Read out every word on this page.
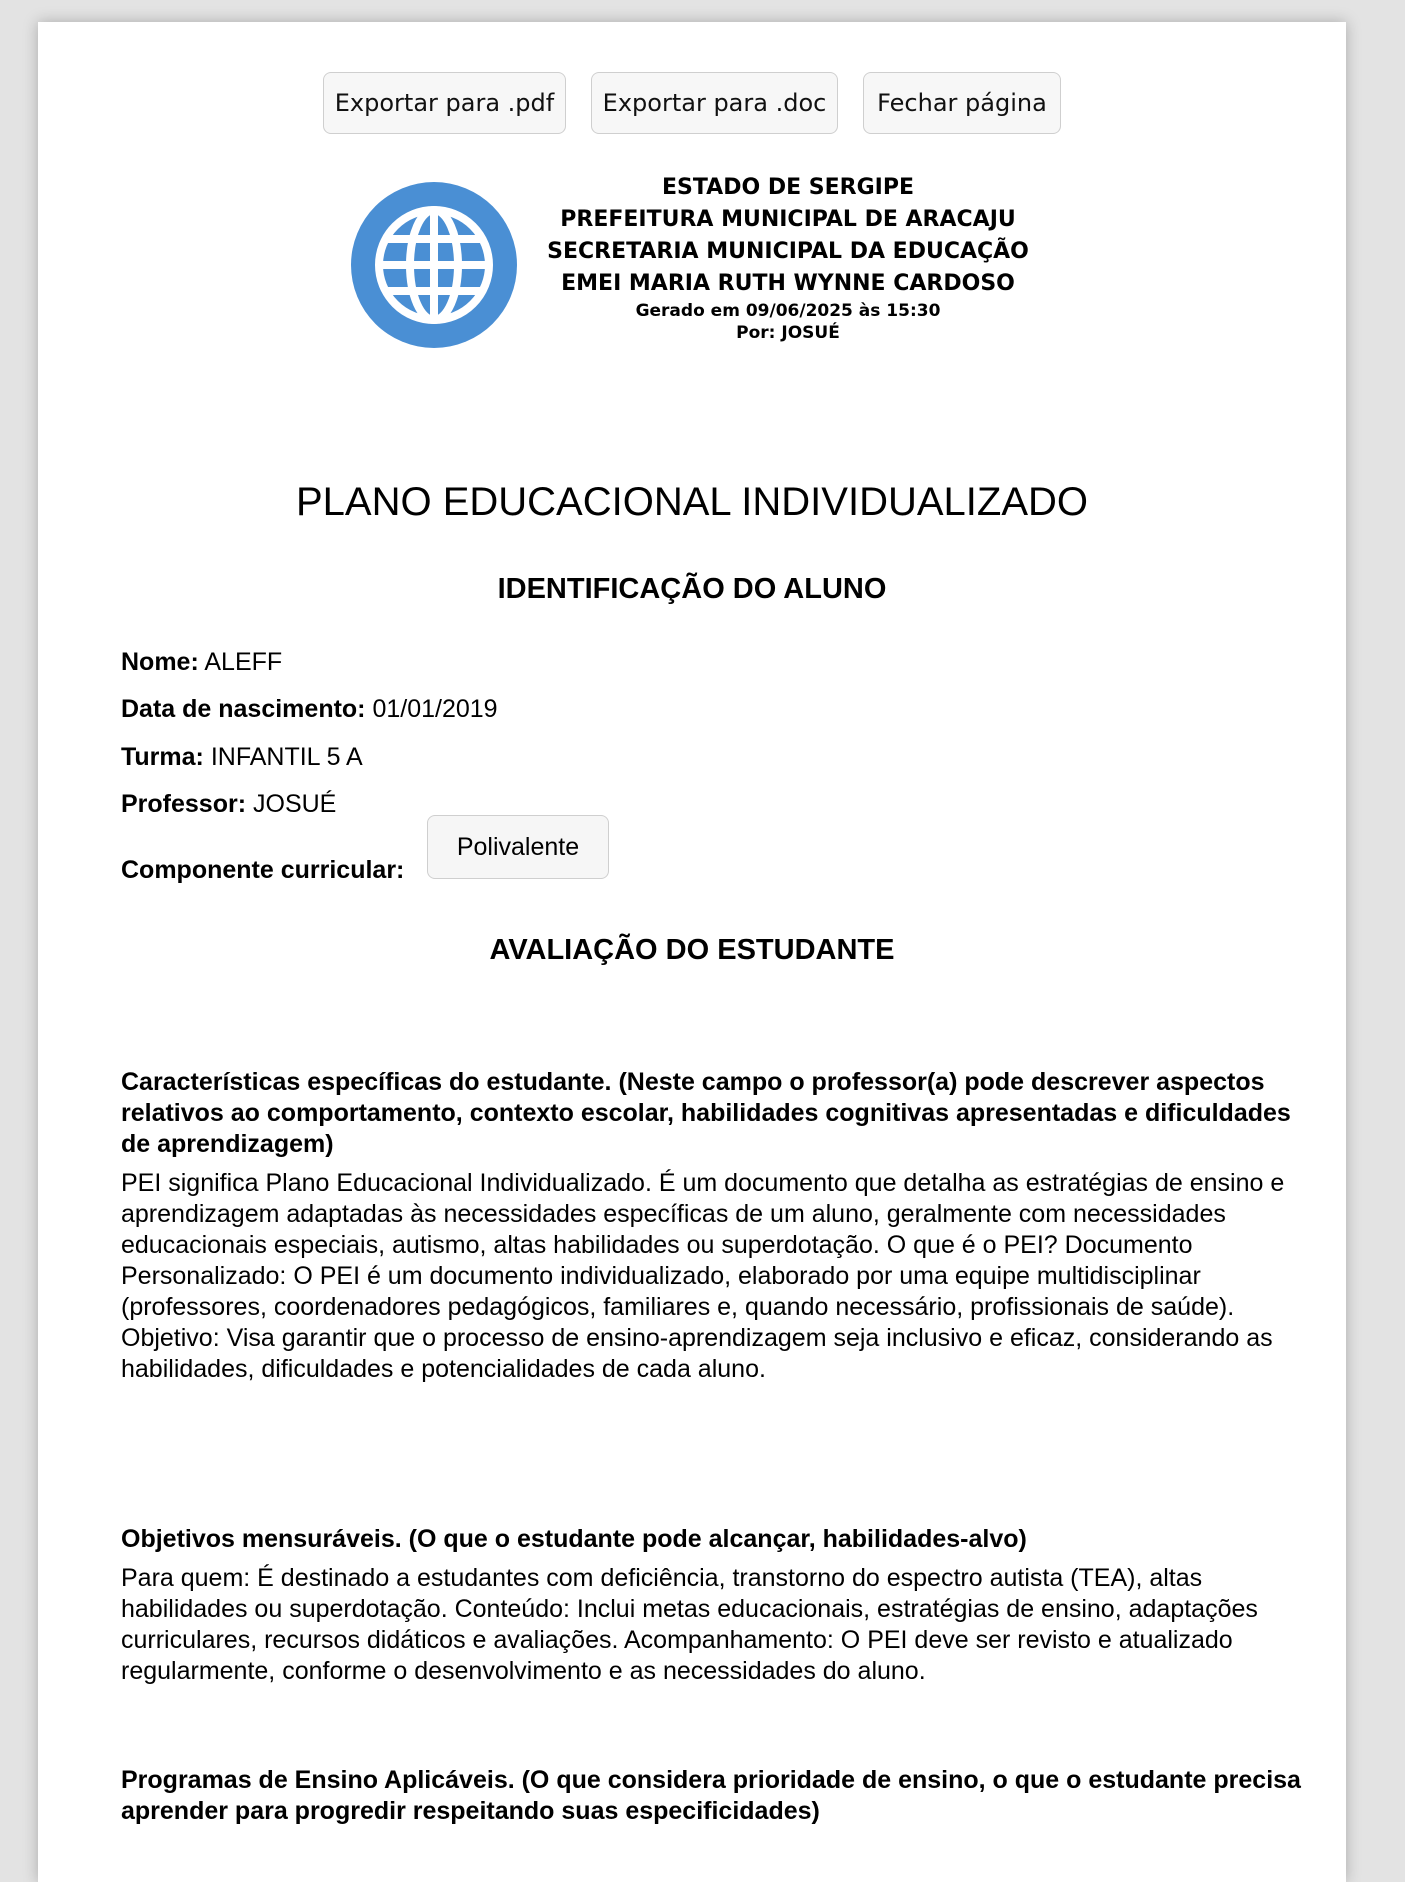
Exportar para .pdf	Exportar para .doc	Fechar página
ESTADO DE SERGIPE
PREFEITURA MUNICIPAL DE ARACAJU
SECRETARIA MUNICIPAL DA EDUCAÇÃO
EMEI MARIA RUTH WYNNE CARDOSO
Gerado em 09/06/2025 às 15:30
Por: JOSUÉ
PLANO EDUCACIONAL INDIVIDUALIZADO
IDENTIFICAÇÃO DO ALUNO
Nome: ALEFF
Data de nascimento: 01/01/2019
Turma: INFANTIL 5 A
Professor: JOSUÉ
Componente curricular:
Polivalente
AVALIAÇÃO DO ESTUDANTE

Características específicas do estudante. (Neste campo o professor(a) pode descrever aspectos relativos ao comportamento, contexto escolar, habilidades cognitivas apresentadas e dificuldades de aprendizagem)

PEI significa Plano Educacional Individualizado. É um documento que detalha as estratégias de ensino e aprendizagem adaptadas às necessidades específicas de um aluno, geralmente com necessidades educacionais especiais, autismo, altas habilidades ou superdotação. O que é o PEI? Documento Personalizado: O PEI é um documento individualizado, elaborado por uma equipe multidisciplinar (professores, coordenadores pedagógicos, familiares e, quando necessário, profissionais de saúde). Objetivo: Visa garantir que o processo de ensino-aprendizagem seja inclusivo e eficaz, considerando as habilidades, dificuldades e potencialidades de cada aluno.

Objetivos mensuráveis. (O que o estudante pode alcançar, habilidades-alvo)

Para quem: É destinado a estudantes com deficiência, transtorno do espectro autista (TEA), altas habilidades ou superdotação. Conteúdo: Inclui metas educacionais, estratégias de ensino, adaptações curriculares, recursos didáticos e avaliações. Acompanhamento: O PEI deve ser revisto e atualizado regularmente, conforme o desenvolvimento e as necessidades do aluno.

Programas de Ensino Aplicáveis. (O que considera prioridade de ensino, o que o estudante precisa aprender para progredir respeitando suas especificidades)
